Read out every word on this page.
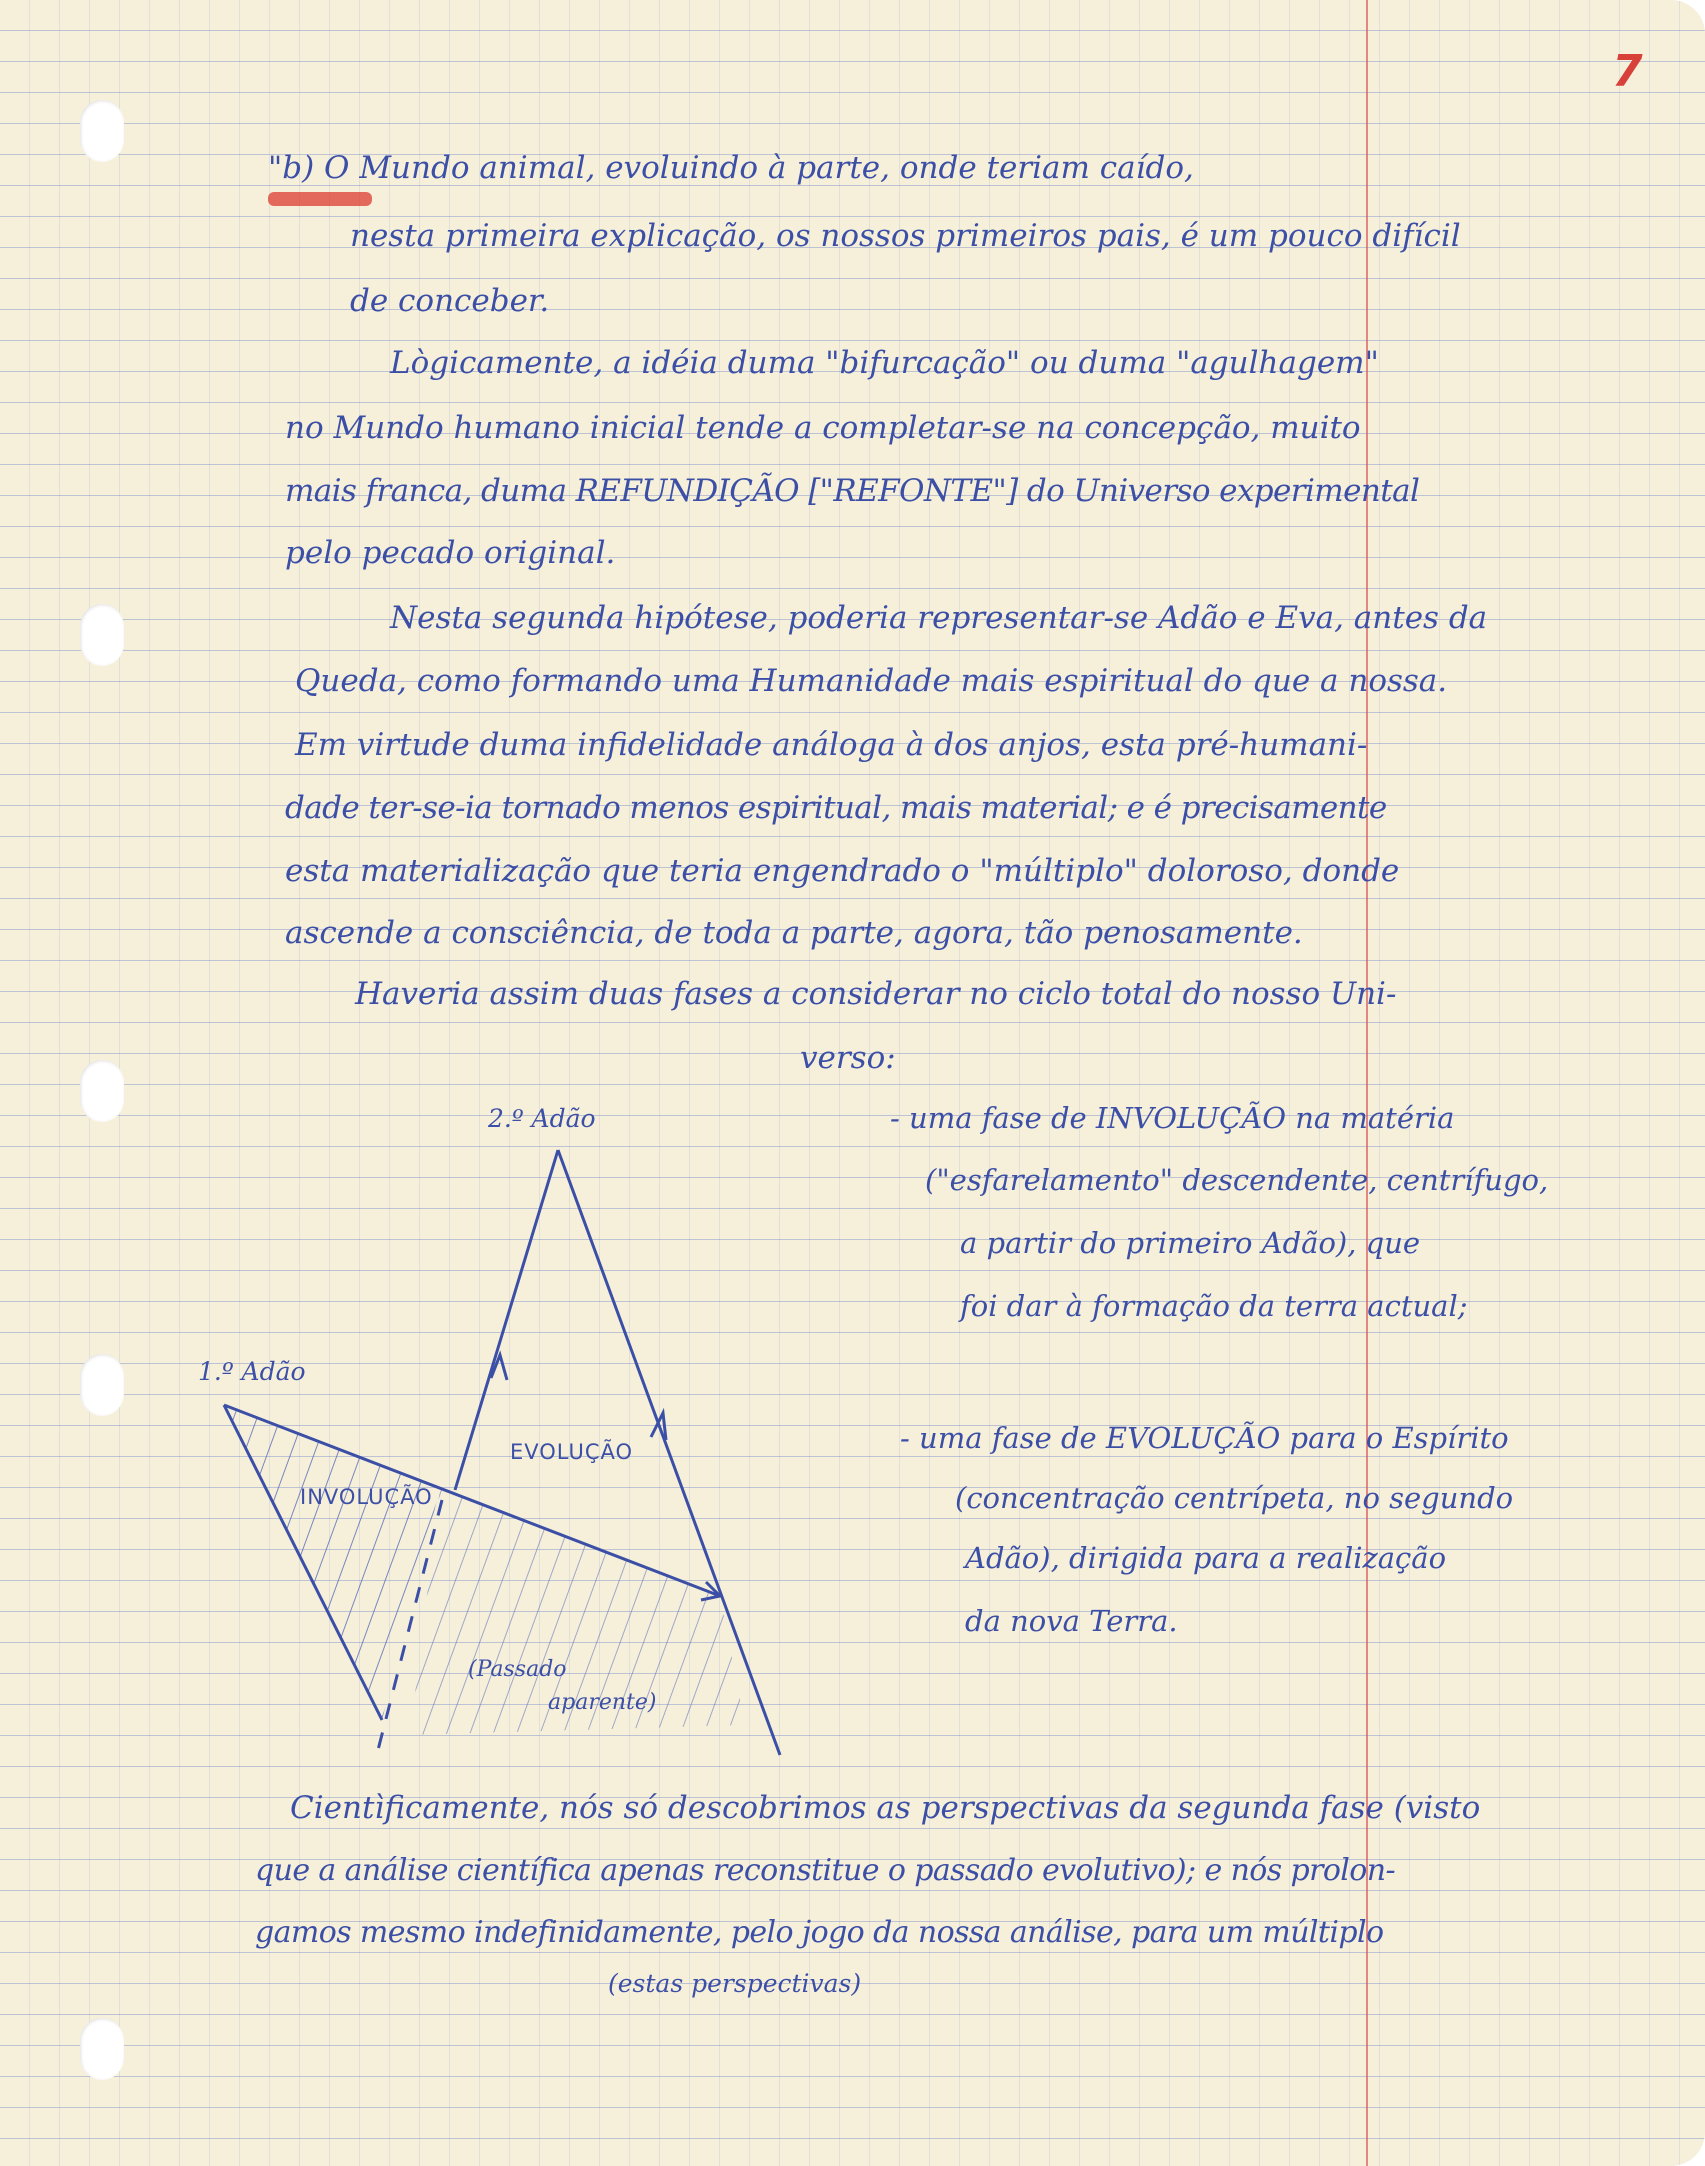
7
"b) O Mundo animal, evoluindo à parte, onde teriam caído,
nesta primeira explicação, os nossos primeiros pais, é um pouco difícil
de conceber.
Lògicamente, a idéia duma "bifurcação" ou duma "agulhagem"
no Mundo humano inicial tende a completar-se na concepção, muito
mais franca, duma REFUNDIÇÃO ["REFONTE"] do Universo experimental
pelo pecado original.
Nesta segunda hipótese, poderia representar-se Adão e Eva, antes da
Queda, como formando uma Humanidade mais espiritual do que a nossa.
Em virtude duma infidelidade análoga à dos anjos, esta pré-humani-
dade ter-se-ia tornado menos espiritual, mais material; e é precisamente
esta materialização que teria engendrado o "múltiplo" doloroso, donde
ascende a consciência, de toda a parte, agora, tão penosamente.
Haveria assim duas fases a considerar no ciclo total do nosso Uni-
verso:
- uma fase de INVOLUÇÃO na matéria
("esfarelamento" descendente, centrífugo,
a partir do primeiro Adão), que
foi dar à formação da terra actual;
- uma fase de EVOLUÇÃO para o Espírito
(concentração centrípeta, no segundo
Adão), dirigida para a realização
da nova Terra.
2.º Adão
1.º Adão
EVOLUÇÃO
INVOLUÇÃO
(Passado
aparente)
Cientìficamente, nós só descobrimos as perspectivas da segunda fase (visto
que a análise científica apenas reconstitue o passado evolutivo); e nós prolon-
gamos mesmo indefinidamente, pelo jogo da nossa análise, para um múltiplo
(estas perspectivas)
